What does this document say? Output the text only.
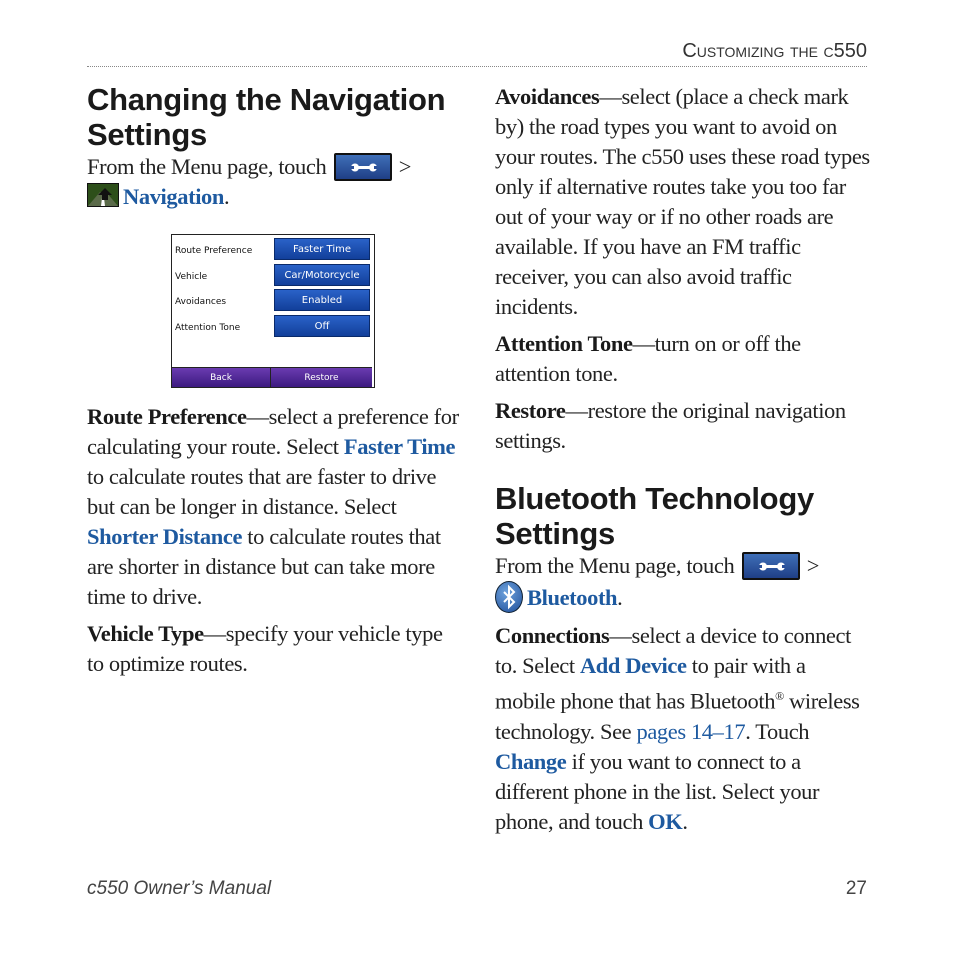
Customizing the c550
Changing the Navigation Settings

From the Menu page, touch	>
Navigation.

Route Preference	Faster Time
Vehicle	Car/Motorcycle
Avoidances	Enabled
Attention Tone	Off
Back	Restore

Route Preference—select a preference for calculating your route. Select Faster Time to calculate routes that are faster to drive but can be longer in distance. Select Shorter Distance to calculate routes that are shorter in distance but can take more time to drive.

Vehicle Type—specify your vehicle type to optimize routes.

Avoidances—select (place a check mark by) the road types you want to avoid on your routes. The c550 uses these road types only if alternative routes take you too far out of your way or if no other roads are available. If you have an FM traffic receiver, you can also avoid traffic incidents.

Attention Tone—turn on or off the attention tone.

Restore—restore the original navigation settings.

Bluetooth Technology Settings

From the Menu page, touch	>

Bluetooth.

Connections—select a device to connect to. Select Add Device to pair with a mobile phone that has Bluetooth® wireless technology. See pages 14–17. Touch Change if you want to connect to a different phone in the list. Select your phone, and touch OK.

c550 Owner’s Manual	27
